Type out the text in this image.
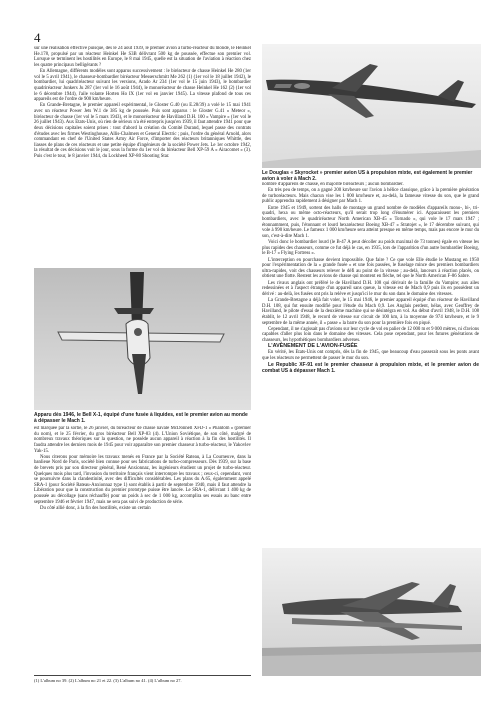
4
Le Douglas « Skyrocket » premier avion US à propulsion mixte, est également le premier avion à voler à Mach 2.

sur une réalisation effective puisque, dès le 24 août 1939, le premier avion à turbo-réacteur du monde, le Heinkel He.178, propulsé par un réacteur Heinkel He S3B délivrant 500 kg de poussée, effectue son premier vol. Lorsque se terminent les hostilités en Europe, le 8 mai 1945, quelle est la situation de l'aviation à réaction chez les quatre principaux belligérants ?

En Allemagne, différents modèles sont apparus successivement : le biréacteur de chasse Heinkel He 280 (1er vol le 5 avril 1941), le chasseur-bombardier biréacteur Messerschmitt Me 262 (1) (1er vol le 18 juillet 1942), le bombardier, lui quadriréacteur suivant les versions, Arado Ar 234 (1er vol le 15 juin 1943), le bombardier quadriréacteur Junkers Ju 287 (1er vol le 16 août 1944), le monoréacteur de chasse Heinkel He 162 (2) (1er vol le 6 décembre 1944), l'aile volante Horten Ho IX (1er vol en janvier 1945). La vitesse plafond de tous ces appareils est de l'ordre de 900 km/heure.

En Grande-Bretagne, le premier appareil expérimental, le Gloster G.40 (ou E.28/39) a volé le 15 mai 1941 avec un réacteur Power Jets W.1 de 385 kg de poussée. Puis sont apparus : le Gloster G.41 « Meteor », biréacteur de chasse (1er vol le 5 mars 1943), et le monoréacteur de Havilland D.H. 100 « Vampire » (1er vol le 26 juillet 1943). Aux Etats-Unis, où rien de sérieux n'a été entrepris jusqu'en 1939, il faut attendre 1941 pour que deux décisions capitales soient prises : tout d'abord la création du Comité Durand, lequel passe des contrats d'études avec les firmes Westinghouse, Allis-Chalmers et General Electric ; puis, l'ordre du général Arnold, alors commandant en chef de l'United States Army Air Force, d'importer des réacteurs britanniques Whittle, des liasses de plans de ces réacteurs et une petite équipe d'ingénieurs de la société Power Jets. Le 1er octobre 1942, la résultat de ces décisions voit le jour, sous la forme du 1er vol du biréacteur Bell XP-59 A « Airacomet » (3). Puis c'est le tour, le 8 janvier 1944, du Lockheed XP-80 Shooting Star.

Apparu dès 1946, le Bell X-1, équipé d'une fusée à liquides, est le premier avion au monde à dépasser le Mach 1.

est marquée par la sortie, le 26 janvier, du biréacteur de chasse navale McDonnell XFD-1 « Phantom » (premier du nom), et le 25 février, du gros biréacteur Bell XP-83 (4). L'Union Soviétique, de son côté, malgré de nombreux travaux théoriques sur la question, ne possède aucun appareil à réaction à la fin des hostilités. Il faudra attendre les derniers mois de 1945 pour voir apparaître son premier chasseur à turbo-réacteur, le Yakovlev Yak-15.

Nous citerons pour mémoire les travaux menés en France par la Société Rateau, à La Courneuve, dans la banlieue Nord de Paris, société bien connue pour ses fabrications de turbo-compresseurs. Dès 1939, sur la base de brevets pris par son directeur général, René Anxionnaz, les ingénieurs étudient un projet de turbo-réacteur. Quelques mois plus tard, l'invasion du territoire français vient interrompre les travaux ; ceux-ci, cependant, vont se poursuivre dans la clandestinité, avec des difficultés considérables. Les plans du A.65, égalemment appelé SRA-1 (pour Société Rateau-Anxionnaz type 1) sont établis à partir de septembre 1940, mais il faut attendre la Libération pour que la construction du premier prototype puisse être lancée. Le SRA-1, délivrant 1 400 kg de poussée au décollage (sans réchauffe) pour un poids à sec de 1 000 kg, accomplira ses essais au banc entre septembre 1946 et février 1947, mais ne sera pas suivi de production de série.

Du côté allié donc, à la fin des hostilités, existe un certain

(1) L'album no 39. (2) L'album no 21 et 22. (3) L'album no 41. (4) L'album no 27.

nombre d'appareils de chasse, en majorité biréacteurs ; aucun bombardier.

En très peu de temps, on a gagné 200 km/heure sur l'avion à hélice classique, grâce à la première génération de turboréacteurs. Mais chacun vise les 1 000 km/heure et, au-delà, la fameuse vitesse du son, que le grand public apprendra rapidement à désigner par Mach 1.

Entre 1945 et 1949, sortent des halls de montage un grand nombre de modèles d'appareils mono-, bi-, tri- quadri, hexa ou même octo-réacteurs, qu'il serait trop long d'énumérer ici. Apparaissent les premiers bombardiers, avec le quadriréacteur North American XB-45 « Tornado », qui vole le 17 mars 1947 ; étonnamment, puis, l'étonnant et lourd hexaréacteur Boeing XB-47 « Stratojet », le 17 décembre suivant, qui vole à 990 km/heure. Le fameux 1 000 km/heure sera atteint presque en même temps, mais pas encore le mur du son, c'est-à-dire Mach 1.

Voici donc le bombardier lourd (le B-47 A peut décoller au poids maximal de 73 tonnes) égale en vitesse les plus rapides des chasseurs, comme ce fut déjà le cas, en 1935, lors de l'apparition d'un autre bombardier Boeing, le B-17 « Flying Fortress ».

L'interception en pourchasse devient impossible. Que faire ? Ce que vole Elle étudie le Mustang en 1950 pour l'expérimentation de la « grande fusée » et une fois passées, le fuselage mince des premiers bombardiers ultra-rapides, voit des chasseurs relever le défi au point de la vitesse ; au-delà, lanceurs à réaction placés, on obtient une flotte. Restent les avions de chasse qui montent en flèche, tel que le North American F-86 Sabre.

Les rivaux anglais ont préféré le de Havilland D.H. 108 qui dérivait de la famille du Vampire; aux ailes redessinées et à l'aspect étrange d'un appareil sans queue, la vitesse est de Mach 0,9 puis ils en possèdent un dérivé : au-delà, les fusées ont pris la relève et jusqu'ici le mur du son dans le domaine des vitesses.

La Grande-Bretagne a déjà fait voler, le 15 mai 1946, le premier appareil équipé d'un réacteur de Havilland D.H. 108, qui fut ensuite modifié pour l'étude du Mach 0,9. Les Anglais perdent, hélas, avec Geoffrey de Havilland, le pilote d'essai de la deuxième machine qui se désintégra en vol. Au début d'avril 1948, le D.H. 108 établit, le 12 avril 1948, le record de vitesse sur circuit de 100 km, à la moyenne de 974 km/heure, et le 9 septembre de la même année, il « passe » la barre du son pour la première fois en piqué.

Cependant, il ne s'agissait pas d'avions sur leur cycle de vol en palier de 12 000 m et 9 000 mètres, ni d'avions capables d'aller plus loin dans le domaine des vitesses. Cela pose cependant, pour les futures générations de chasseurs, les hypothétiques bombardiers adverses.

L'AVÈNEMENT DE L'AVION-FUSÉE

En vérité, les Etats-Unis ont compris, dès la fin de 1945, que beaucoup d'eau passerait sous les ponts avant que les réacteurs ne permettent de passer le mur du son.

Le Republic XF-91 est le premier chasseur à propulsion mixte, et le premier avion de combat US à dépasser Mach 1.
